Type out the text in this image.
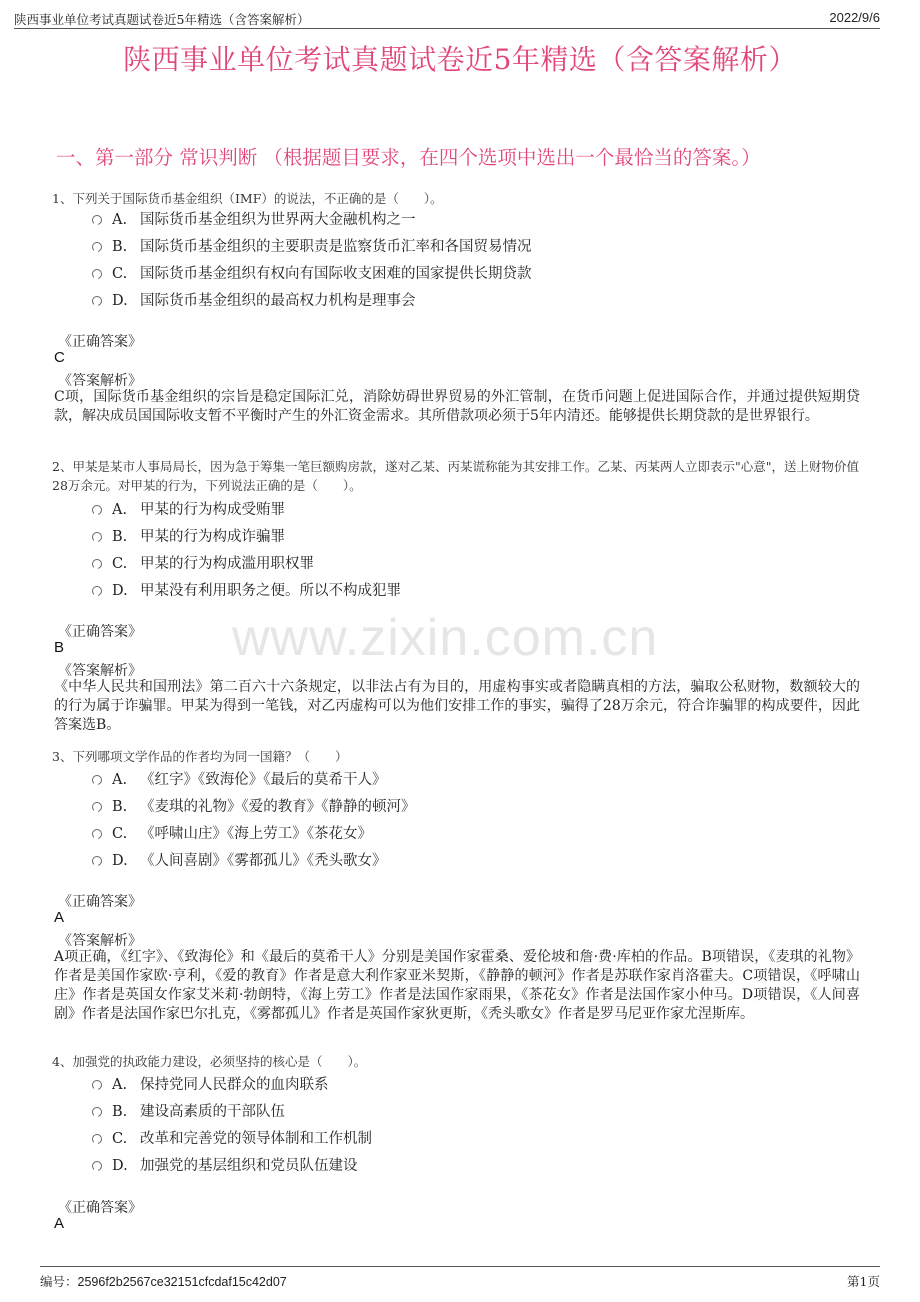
陕西事业单位考试真题试卷近5年精选（含答案解析）	2022/9/6
陕西事业单位考试真题试卷近5年精选（含答案解析）
一、第一部分 常识判断 （根据题目要求，在四个选项中选出一个最恰当的答案。）
www.zixin.com.cn
1、下列关于国际货币基金组织（IMF）的说法，不正确的是（　　）。
A. 国际货币基金组织为世界两大金融机构之一
B. 国际货币基金组织的主要职责是监察货币汇率和各国贸易情况
C. 国际货币基金组织有权向有国际收支困难的国家提供长期贷款
D. 国际货币基金组织的最高权力机构是理事会
《正确答案》
C
《答案解析》
C项，国际货币基金组织的宗旨是稳定国际汇兑，消除妨碍世界贸易的外汇管制，在货币问题上促进国际合作，并通过提供短期贷款，解决成员国国际收支暂不平衡时产生的外汇资金需求。其所借款项必须于5年内清还。能够提供长期贷款的是世界银行。
2、甲某是某市人事局局长，因为急于筹集一笔巨额购房款，遂对乙某、丙某谎称能为其安排工作。乙某、丙某两人立即表示"心意"，送上财物价值28万余元。对甲某的行为，下列说法正确的是（　　）。
A. 甲某的行为构成受贿罪
B. 甲某的行为构成诈骗罪
C. 甲某的行为构成滥用职权罪
D. 甲某没有利用职务之便。所以不构成犯罪
《正确答案》
B
《答案解析》
《中华人民共和国刑法》第二百六十六条规定，以非法占有为目的，用虚构事实或者隐瞒真相的方法，骗取公私财物，数额较大的的行为属于诈骗罪。甲某为得到一笔钱，对乙丙虚构可以为他们安排工作的事实，骗得了28万余元，符合诈骗罪的构成要件，因此答案选B。
3、下列哪项文学作品的作者均为同一国籍？（　　）
A. 《红字》《致海伦》《最后的莫希干人》
B. 《麦琪的礼物》《爱的教育》《静静的顿河》
C. 《呼啸山庄》《海上劳工》《茶花女》
D. 《人间喜剧》《雾都孤儿》《秃头歌女》
《正确答案》
A
《答案解析》
A项正确，《红字》、《致海伦》和《最后的莫希干人》分别是美国作家霍桑、爱伦坡和詹·费·库柏的作品。B项错误，《麦琪的礼物》作者是美国作家欧·亨利，《爱的教育》作者是意大利作家亚米契斯，《静静的顿河》作者是苏联作家肖洛霍夫。C项错误，《呼啸山庄》作者是英国女作家艾米莉·勃朗特，《海上劳工》作者是法国作家雨果，《茶花女》作者是法国作家小仲马。D项错误，《人间喜剧》作者是法国作家巴尔扎克，《雾都孤儿》作者是英国作家狄更斯，《秃头歌女》作者是罗马尼亚作家尤涅斯库。
4、加强党的执政能力建设，必须坚持的核心是（　　）。
A. 保持党同人民群众的血肉联系
B. 建设高素质的干部队伍
C. 改革和完善党的领导体制和工作机制
D. 加强党的基层组织和党员队伍建设
《正确答案》
A
编号：2596f2b2567ce32151cfcdaf15c42d07	第1页
